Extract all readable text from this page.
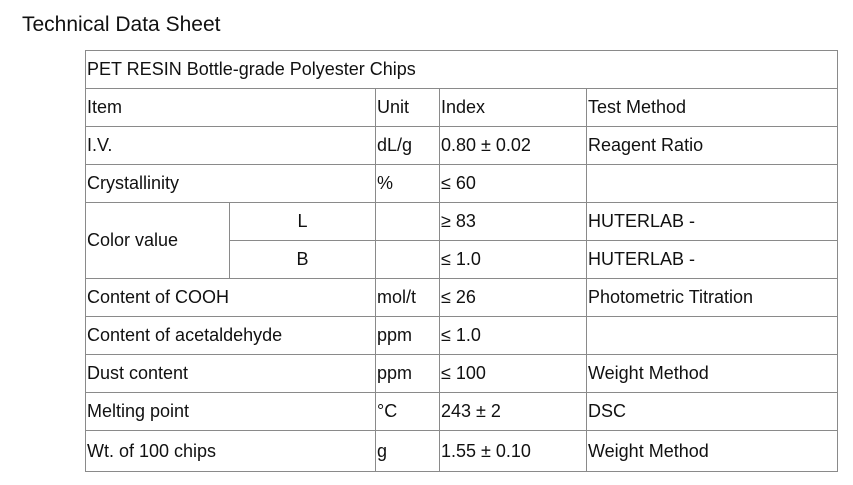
Technical Data Sheet
PET RESIN Bottle-grade Polyester Chips				
Item		Unit	Index	Test Method
I.V.		dL/g	0.80 ± 0.02	Reagent Ratio
Crystallinity		%	≤ 60	
Color value	L		≥ 83	HUTERLAB -
	B		≤ 1.0	HUTERLAB -
Content of COOH		mol/t	≤ 26	Photometric Titration
Content of acetaldehyde		ppm	≤ 1.0	
Dust content		ppm	≤ 100	Weight Method
Melting point		°C	243 ± 2	DSC
Wt. of 100 chips		g	1.55 ± 0.10	Weight Method
